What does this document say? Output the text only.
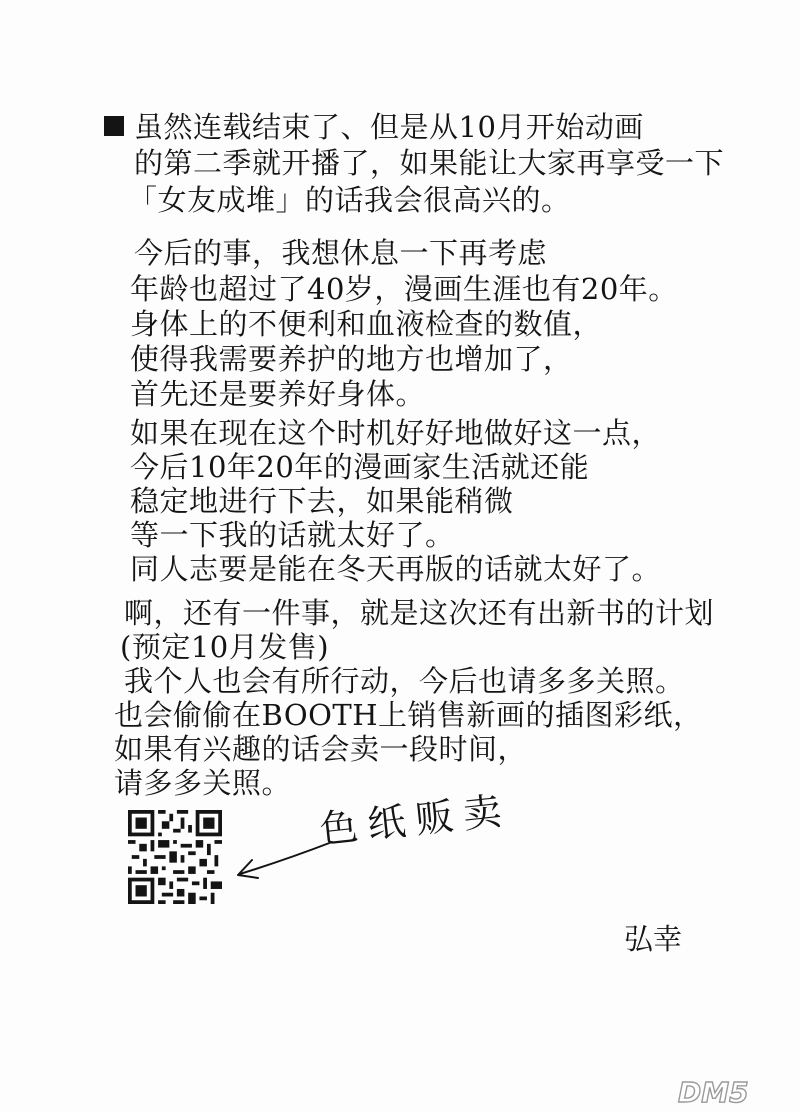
虽然连载结束了、但是从10月开始动画
的第二季就开播了，如果能让大家再享受一下
「女友成堆」的话我会很高兴的。
今后的事，我想休息一下再考虑
年龄也超过了40岁，漫画生涯也有20年。
身体上的不便利和血液检查的数值，
使得我需要养护的地方也增加了，
首先还是要养好身体。
如果在现在这个时机好好地做好这一点，
今后10年20年的漫画家生活就还能
稳定地进行下去，如果能稍微
等一下我的话就太好了。
同人志要是能在冬天再版的话就太好了。
啊，还有一件事，就是这次还有出新书的计划
(预定10月发售)
我个人也会有所行动，今后也请多多关照。
也会偷偷在BOOTH上销售新画的插图彩纸，
如果有兴趣的话会卖一段时间，
请多多关照。
色纸贩卖
弘幸
DM5
